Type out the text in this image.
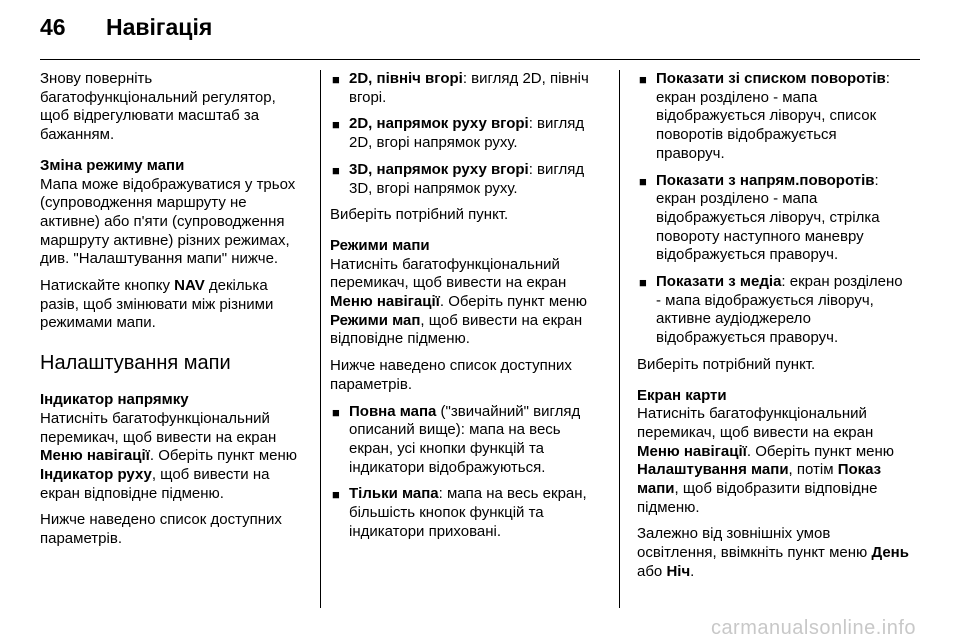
46	Навігація

Знову поверніть багатофункціональний регулятор, щоб відрегулювати масштаб за бажанням.

Зміна режиму мапи

Мапа може відображуватися у трьох (супроводження маршруту не активне) або п'яти (супроводження маршруту активне) різних режимах, див. "Налаштування мапи" нижче.

Натискайте кнопку NAV декілька разів, щоб змінювати між різними режимами мапи.

Налаштування мапи

Індикатор напрямку

Натисніть багатофункціональний перемикач, щоб вивести на екран Меню навігації. Оберіть пункт меню Індикатор руху, щоб вивести на екран відповідне підменю.

Нижче наведено список доступних параметрів.

■ 2D, північ вгорі: вигляд 2D, північ вгорі.
■ 2D, напрямок руху вгорі: вигляд 2D, вгорі напрямок руху.
■ 3D, напрямок руху вгорі: вигляд 3D, вгорі напрямок руху.

Виберіть потрібний пункт.

Режими мапи

Натисніть багатофункціональний перемикач, щоб вивести на екран Меню навігації. Оберіть пункт меню Режими мап, щоб вивести на екран відповідне підменю.

Нижче наведено список доступних параметрів.

■ Повна мапа ("звичайний" вигляд описаний вище): мапа на весь екран, усі кнопки функцій та індикатори відображуються.
■ Тільки мапа: мапа на весь екран, більшість кнопок функцій та індикатори приховані.
■ Показати зі списком поворотів: екран розділено - мапа відображується ліворуч, список поворотів відображується праворуч.
■ Показати з напрям.поворотів: екран розділено - мапа відображується ліворуч, стрілка повороту наступного маневру відображується праворуч.
■ Показати з медіа: екран розділено - мапа відображується ліворуч, активне аудіоджерело відображується праворуч.

Виберіть потрібний пункт.

Екран карти

Натисніть багатофункціональний перемикач, щоб вивести на екран Меню навігації. Оберіть пункт меню Налаштування мапи, потім Показ мапи, щоб відобразити відповідне підменю.

Залежно від зовнішніх умов освітлення, ввімкніть пункт меню День або Ніч.

carmanualsonline.info
